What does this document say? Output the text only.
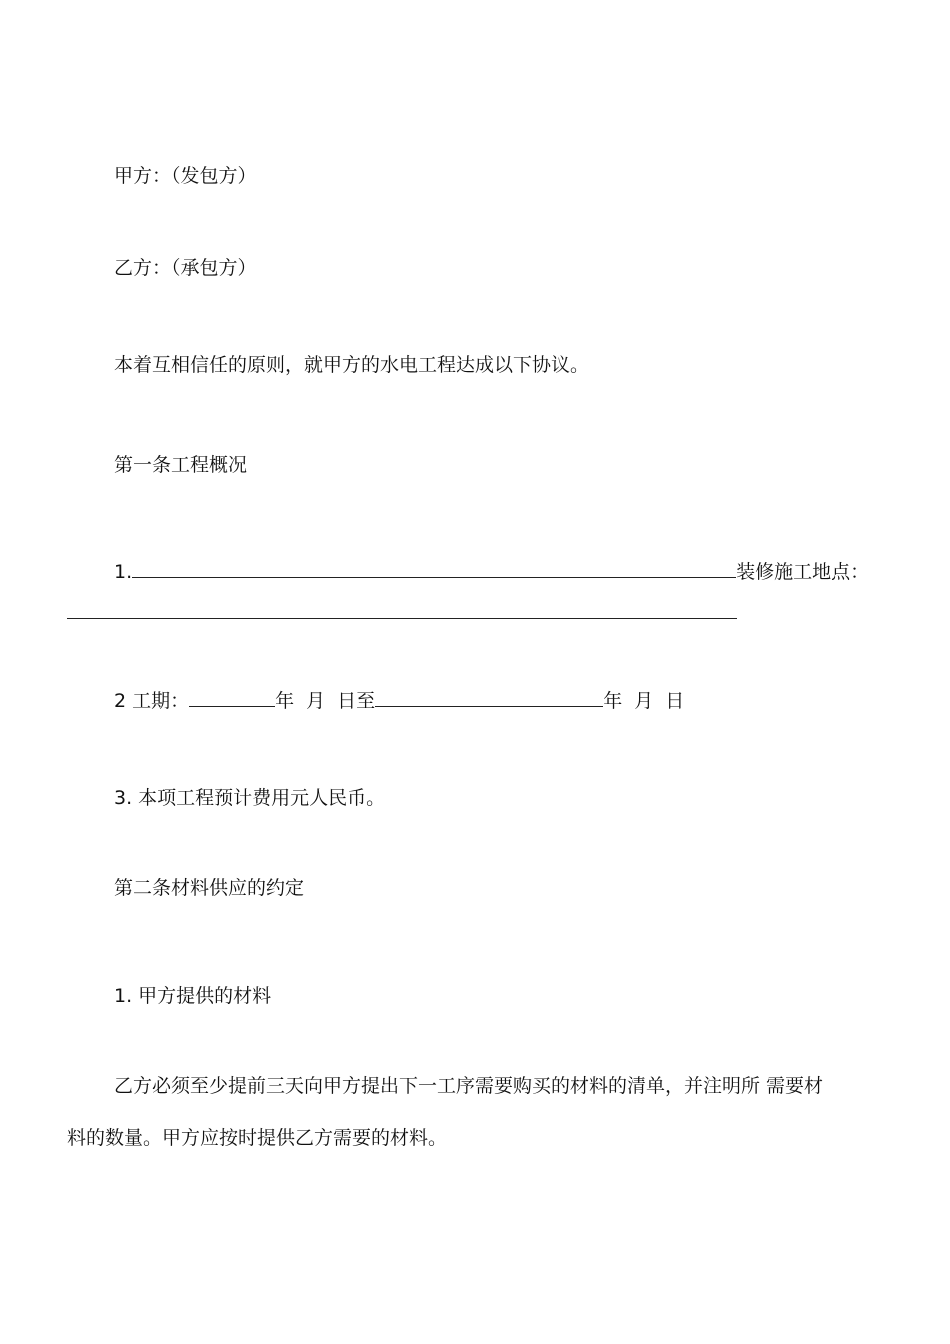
甲方：（发包方）
乙方：（承包方）
本着互相信任的原则，就甲方的水电工程达成以下协议。
第一条工程概况
1.	装修施工地点：
2 工期：	年 月 日至	年 月 日
3. 本项工程预计费用元人民币。
第二条材料供应的约定
1. 甲方提供的材料
乙方必须至少提前三天向甲方提出下一工序需要购买的材料的清单，并注明所 需要材
料的数量。甲方应按时提供乙方需要的材料。
